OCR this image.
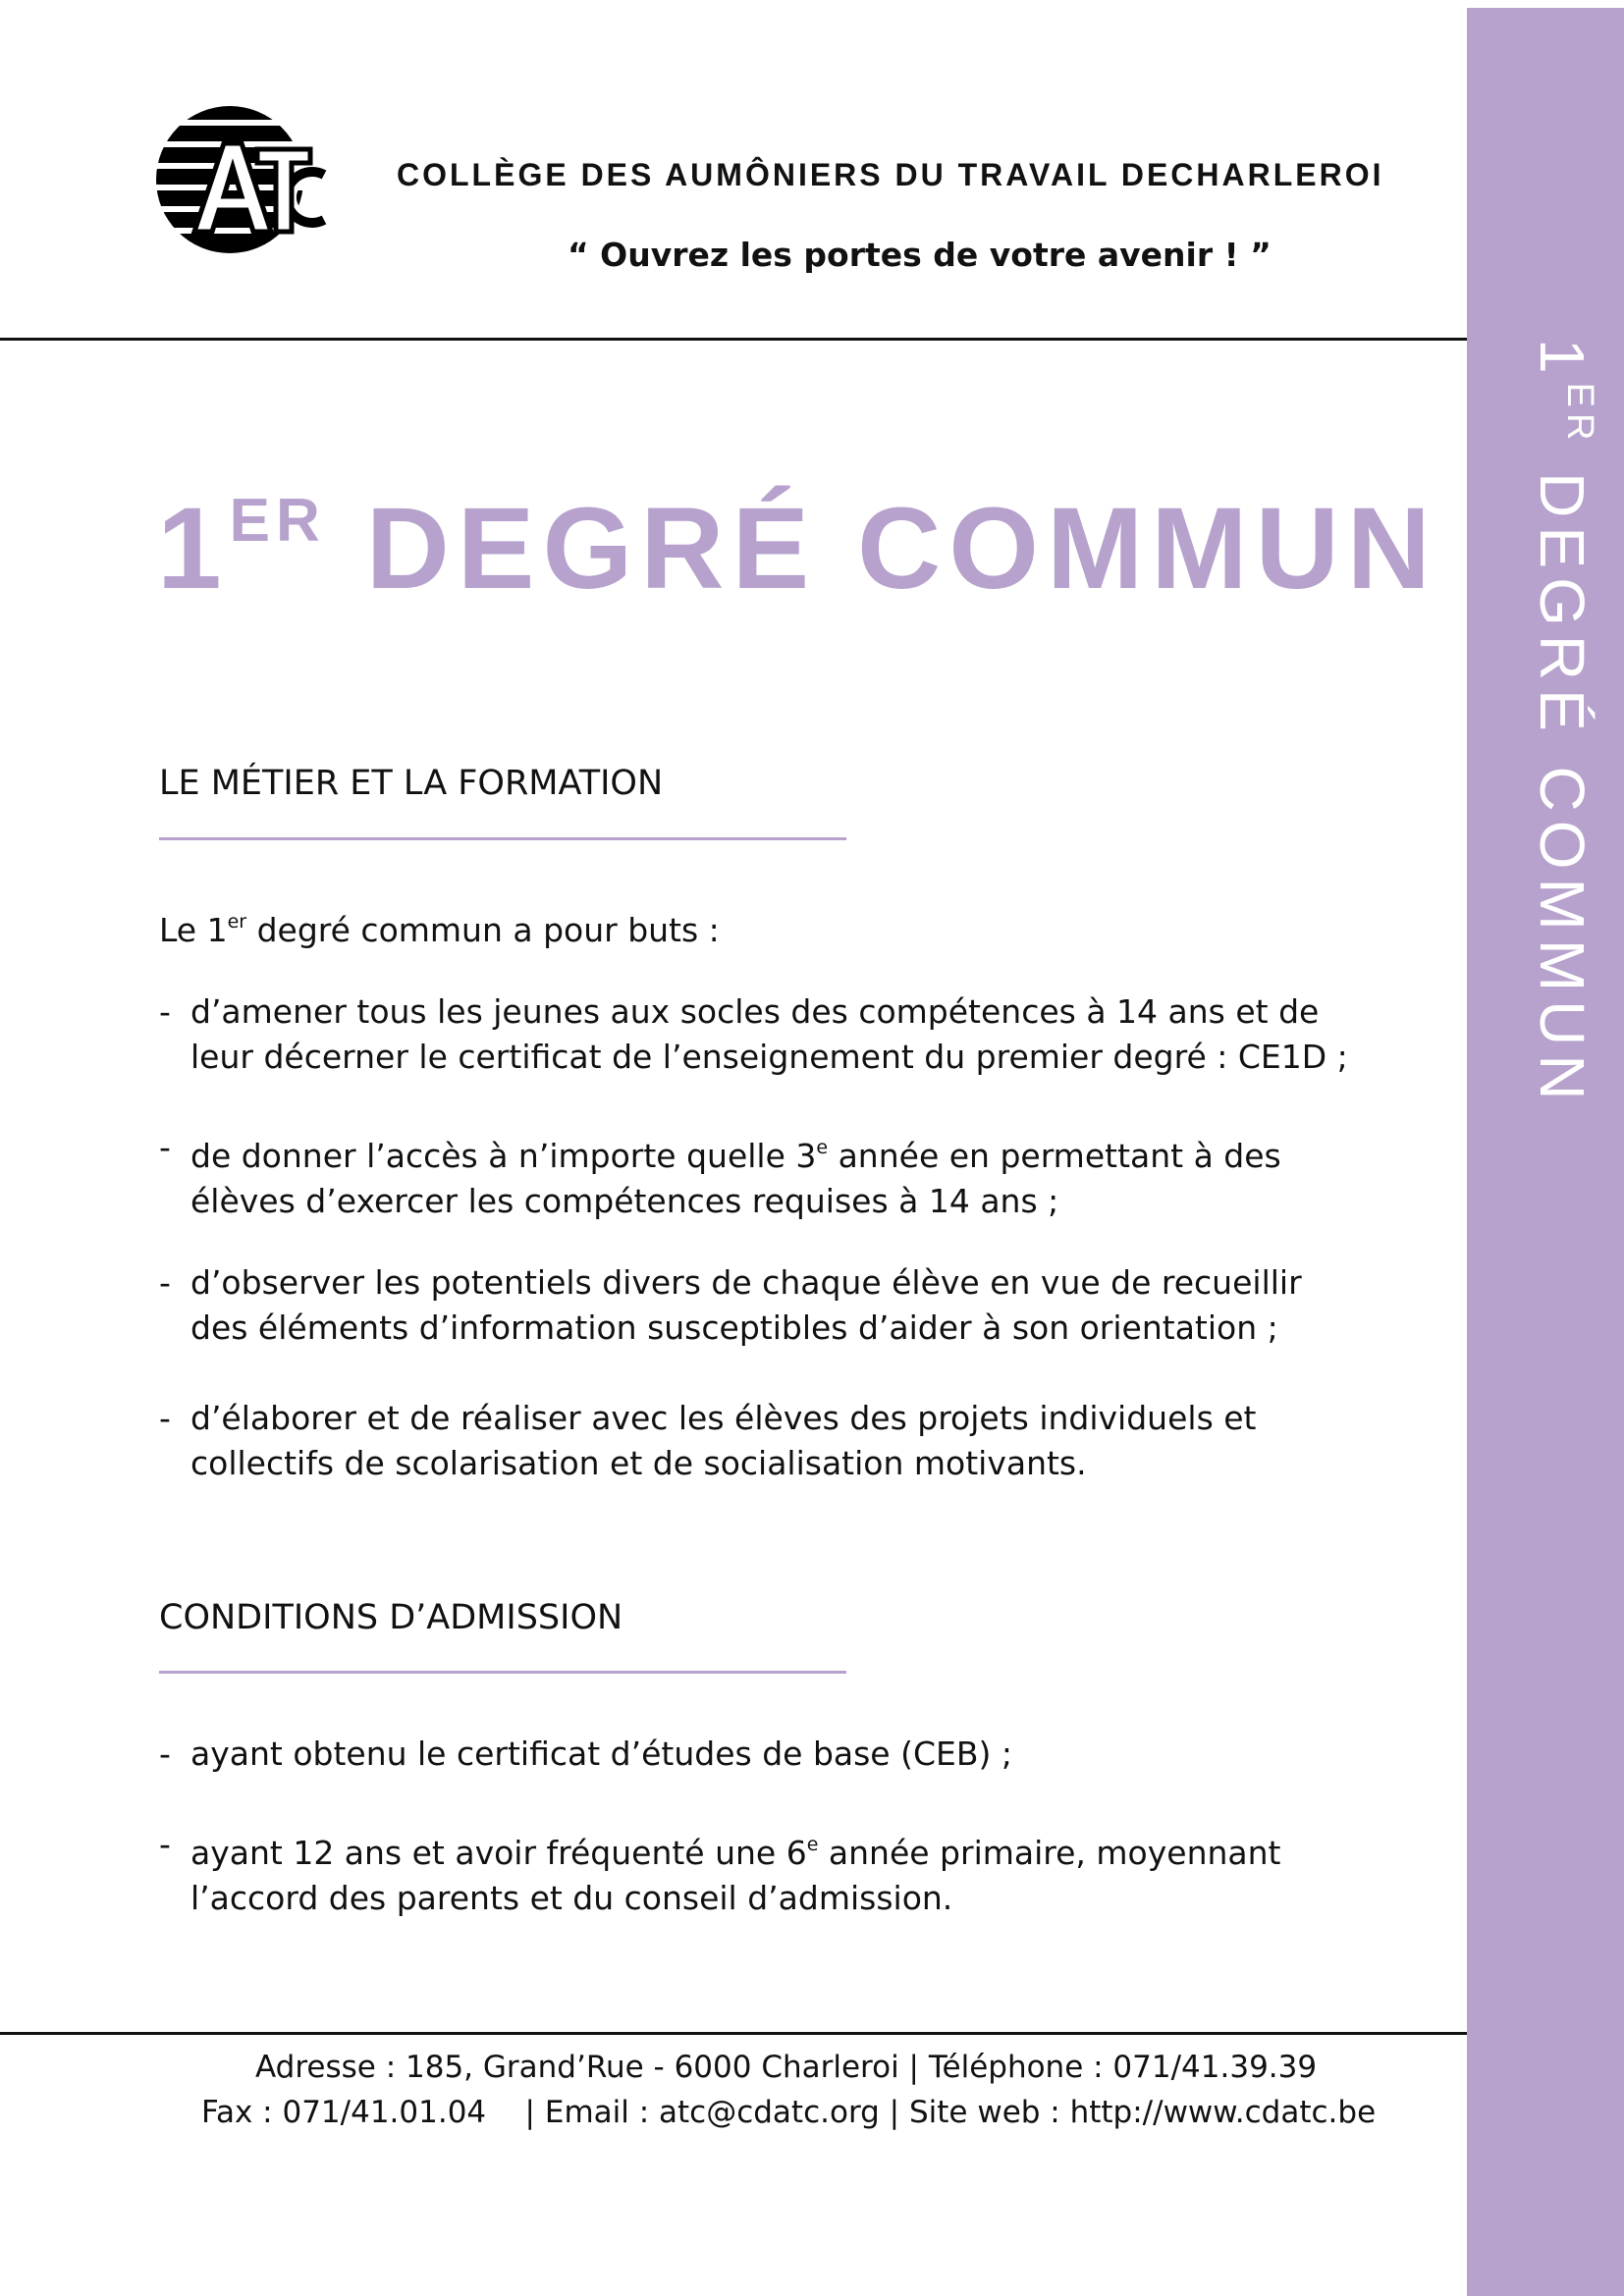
1ER DEGRÉ COMMUN
ATC
COLLÈGE DES AUMÔNIERS DU TRAVAIL DECHARLEROI
“ Ouvrez les portes de votre avenir ! ”
1ER DEGRÉ COMMUN
LE MÉTIER ET LA FORMATION
Le 1er degré commun a pour buts :
- d’amener tous les jeunes aux socles des compétences à 14 ans et de leur décerner le certificat de l’enseignement du premier degré : CE1D ;
- de donner l’accès à n’importe quelle 3e année en permettant à des élèves d’exercer les compétences requises à 14 ans ;
- d’observer les potentiels divers de chaque élève en vue de recueillir des éléments d’information susceptibles d’aider à son orientation ;
- d’élaborer et de réaliser avec les élèves des projets individuels et collectifs de scolarisation et de socialisation motivants.
CONDITIONS D’ADMISSION
- ayant obtenu le certificat d’études de base (CEB) ;
- ayant 12 ans et avoir fréquenté une 6e année primaire, moyennant l’accord des parents et du conseil d’admission.
Adresse : 185, Grand’Rue - 6000 Charleroi | Téléphone : 071/41.39.39
Fax : 071/41.01.04    | Email : atc@cdatc.org | Site web : http://www.cdatc.be
